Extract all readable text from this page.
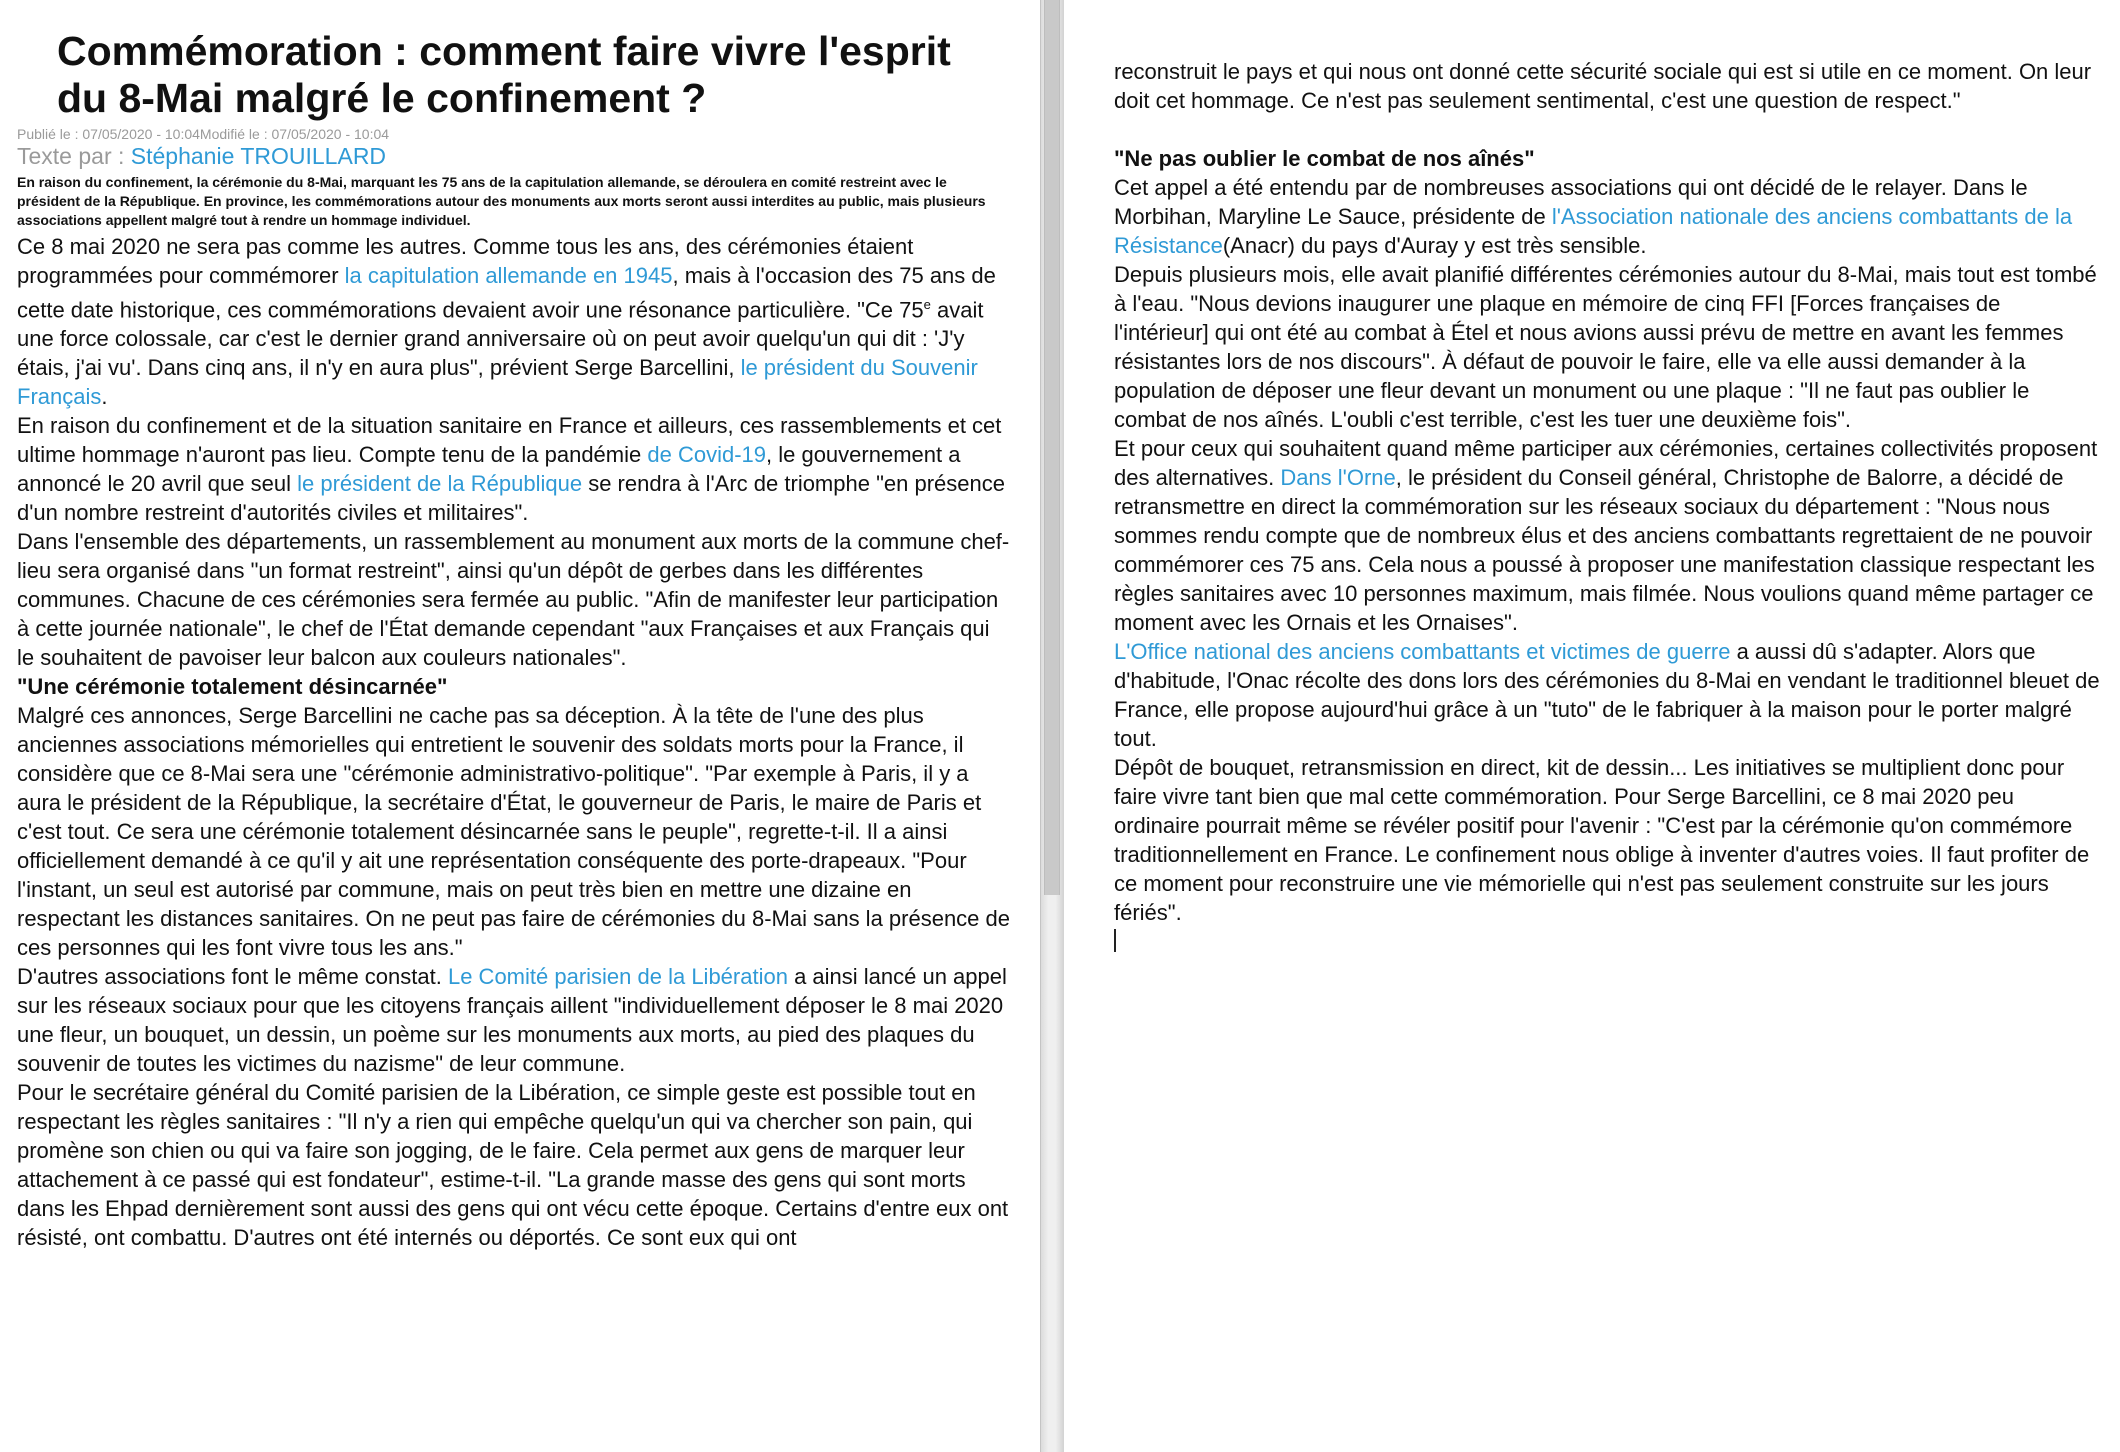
Commémoration : comment faire vivre l'esprit du 8-Mai malgré le confinement ?
Publié le : 07/05/2020 - 10:04Modifié le : 07/05/2020 - 10:04
Texte par : Stéphanie TROUILLARD
En raison du confinement, la cérémonie du 8-Mai, marquant les 75 ans de la capitulation allemande, se déroulera en comité restreint avec le président de la République. En province, les commémorations autour des monuments aux morts seront aussi interdites au public, mais plusieurs associations appellent malgré tout à rendre un hommage individuel.

Ce 8 mai 2020 ne sera pas comme les autres. Comme tous les ans, des cérémonies étaient programmées pour commémorer la capitulation allemande en 1945, mais à l'occasion des 75 ans de cette date historique, ces commémorations devaient avoir une résonance particulière. "Ce 75e avait une force colossale, car c'est le dernier grand anniversaire où on peut avoir quelqu'un qui dit : 'J'y étais, j'ai vu'. Dans cinq ans, il n'y en aura plus", prévient Serge Barcellini, le président du Souvenir Français.

En raison du confinement et de la situation sanitaire en France et ailleurs, ces rassemblements et cet ultime hommage n'auront pas lieu. Compte tenu de la pandémie de Covid-19, le gouvernement a annoncé le 20 avril que seul le président de la République se rendra à l'Arc de triomphe "en présence d'un nombre restreint d'autorités civiles et militaires".

Dans l'ensemble des départements, un rassemblement au monument aux morts de la commune chef-lieu sera organisé dans "un format restreint", ainsi qu'un dépôt de gerbes dans les différentes communes. Chacune de ces cérémonies sera fermée au public. "Afin de manifester leur participation à cette journée nationale", le chef de l'État demande cependant "aux Françaises et aux Français qui le souhaitent de pavoiser leur balcon aux couleurs nationales".

"Une cérémonie totalement désincarnée"

Malgré ces annonces, Serge Barcellini ne cache pas sa déception. À la tête de l'une des plus anciennes associations mémorielles qui entretient le souvenir des soldats morts pour la France, il considère que ce 8-Mai sera une "cérémonie administrativo-politique". "Par exemple à Paris, il y a aura le président de la République, la secrétaire d'État, le gouverneur de Paris, le maire de Paris et c'est tout. Ce sera une cérémonie totalement désincarnée sans le peuple", regrette-t-il. Il a ainsi officiellement demandé à ce qu'il y ait une représentation conséquente des porte-drapeaux. "Pour l'instant, un seul est autorisé par commune, mais on peut très bien en mettre une dizaine en respectant les distances sanitaires. On ne peut pas faire de cérémonies du 8-Mai sans la présence de ces personnes qui les font vivre tous les ans."

D'autres associations font le même constat. Le Comité parisien de la Libération a ainsi lancé un appel sur les réseaux sociaux pour que les citoyens français aillent "individuellement déposer le 8 mai 2020 une fleur, un bouquet, un dessin, un poème sur les monuments aux morts, au pied des plaques du souvenir de toutes les victimes du nazisme" de leur commune.

Pour le secrétaire général du Comité parisien de la Libération, ce simple geste est possible tout en respectant les règles sanitaires : "Il n'y a rien qui empêche quelqu'un qui va chercher son pain, qui promène son chien ou qui va faire son jogging, de le faire. Cela permet aux gens de marquer leur attachement à ce passé qui est fondateur", estime-t-il. "La grande masse des gens qui sont morts dans les Ehpad dernièrement sont aussi des gens qui ont vécu cette époque. Certains d'entre eux ont résisté, ont combattu. D'autres ont été internés ou déportés. Ce sont eux qui ont

reconstruit le pays et qui nous ont donné cette sécurité sociale qui est si utile en ce moment. On leur doit cet hommage. Ce n'est pas seulement sentimental, c'est une question de respect."

"Ne pas oublier le combat de nos aînés"

Cet appel a été entendu par de nombreuses associations qui ont décidé de le relayer. Dans le Morbihan, Maryline Le Sauce, présidente de l'Association nationale des anciens combattants de la Résistance(Anacr) du pays d'Auray y est très sensible.

Depuis plusieurs mois, elle avait planifié différentes cérémonies autour du 8-Mai, mais tout est tombé à l'eau. "Nous devions inaugurer une plaque en mémoire de cinq FFI [Forces françaises de l'intérieur] qui ont été au combat à Étel et nous avions aussi prévu de mettre en avant les femmes résistantes lors de nos discours". À défaut de pouvoir le faire, elle va elle aussi demander à la population de déposer une fleur devant un monument ou une plaque : "Il ne faut pas oublier le combat de nos aînés. L'oubli c'est terrible, c'est les tuer une deuxième fois".

Et pour ceux qui souhaitent quand même participer aux cérémonies, certaines collectivités proposent des alternatives. Dans l'Orne, le président du Conseil général, Christophe de Balorre, a décidé de retransmettre en direct la commémoration sur les réseaux sociaux du département : "Nous nous sommes rendu compte que de nombreux élus et des anciens combattants regrettaient de ne pouvoir commémorer ces 75 ans. Cela nous a poussé à proposer une manifestation classique respectant les règles sanitaires avec 10 personnes maximum, mais filmée. Nous voulions quand même partager ce moment avec les Ornais et les Ornaises".

L'Office national des anciens combattants et victimes de guerre a aussi dû s'adapter. Alors que d'habitude, l'Onac récolte des dons lors des cérémonies du 8-Mai en vendant le traditionnel bleuet de France, elle propose aujourd'hui grâce à un "tuto" de le fabriquer à la maison pour le porter malgré tout.

Dépôt de bouquet, retransmission en direct, kit de dessin... Les initiatives se multiplient donc pour faire vivre tant bien que mal cette commémoration. Pour Serge Barcellini, ce 8 mai 2020 peu ordinaire pourrait même se révéler positif pour l'avenir : "C'est par la cérémonie qu'on commémore traditionnellement en France. Le confinement nous oblige à inventer d'autres voies. Il faut profiter de ce moment pour reconstruire une vie mémorielle qui n'est pas seulement construite sur les jours fériés".
